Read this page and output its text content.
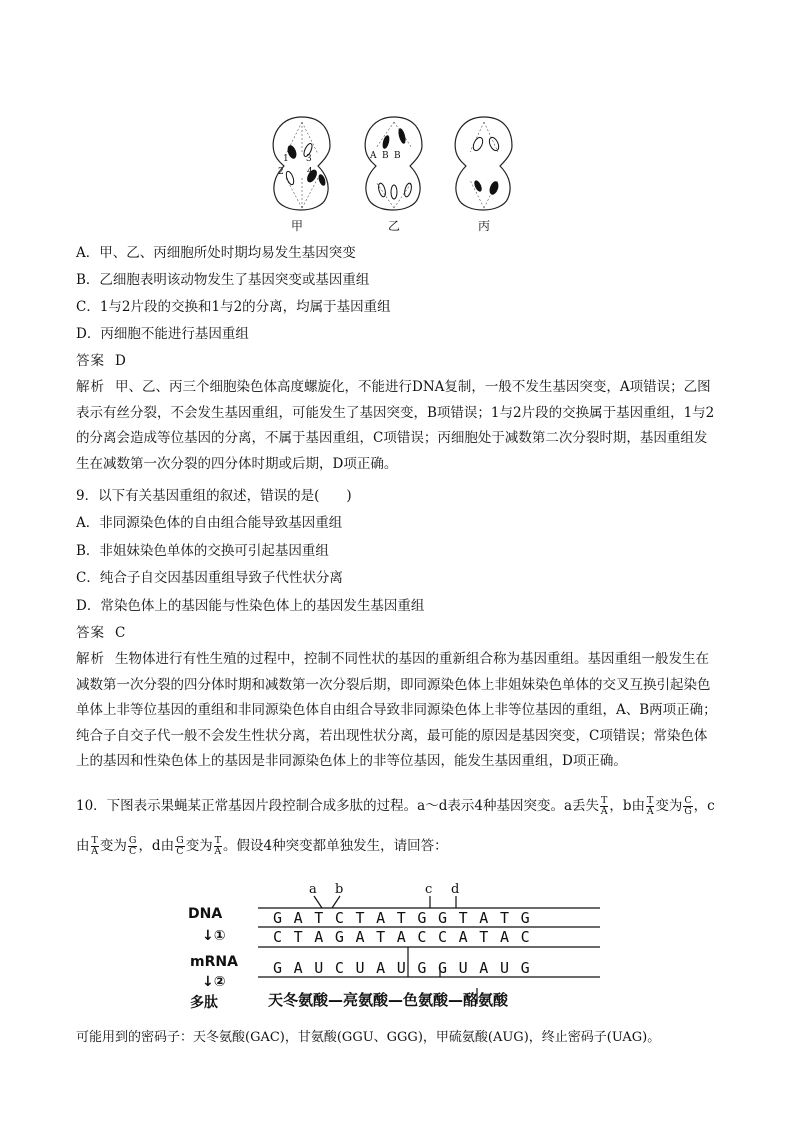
1 3
2	4
A B B
甲	乙	丙
A．甲、乙、丙细胞所处时期均易发生基因突变
B．乙细胞表明该动物发生了基因突变或基因重组
C．1与2片段的交换和1与2的分离，均属于基因重组
D．丙细胞不能进行基因重组
答案 D
解析 甲、乙、丙三个细胞染色体高度螺旋化，不能进行DNA复制，一般不发生基因突变，A项错误；乙图表示有丝分裂，不会发生基因重组，可能发生了基因突变，B项错误；1与2片段的交换属于基因重组，1与2的分离会造成等位基因的分离，不属于基因重组，C项错误；丙细胞处于减数第二次分裂时期，基因重组发生在减数第一次分裂的四分体时期或后期，D项正确。
9．以下有关基因重组的叙述，错误的是(　　)
A．非同源染色体的自由组合能导致基因重组
B．非姐妹染色单体的交换可引起基因重组
C．纯合子自交因基因重组导致子代性状分离
D．常染色体上的基因能与性染色体上的基因发生基因重组
答案 C
解析 生物体进行有性生殖的过程中，控制不同性状的基因的重新组合称为基因重组。基因重组一般发生在减数第一次分裂的四分体时期和减数第一次分裂后期，即同源染色体上非姐妹染色单体的交叉互换引起染色单体上非等位基因的重组和非同源染色体自由组合导致非同源染色体上非等位基因的重组，A、B两项正确；纯合子自交子代一般不会发生性状分离，若出现性状分离，最可能的原因是基因突变，C项错误；常染色体上的基因和性染色体上的基因是非同源染色体上的非等位基因，能发生基因重组，D项正确。
10．下图表示果蝇某正常基因片段控制合成多肽的过程。a～d表示4种基因突变。a丢失 $\frac{T}{A}$ ，b由 $\frac{T}{A}$ 变为 $\frac{C}{G}$ ，c
由 $\frac{T}{A}$ 变为 $\frac{G}{C}$ ，d由 $\frac{G}{C}$ 变为 $\frac{T}{A}$ 。假设4种突变都单独发生，请回答：
a b	c d
DNA
↓①
mRNA
↓②
多肽
GATCTATGGTATG
CTAGATACCATAC
GAUCUAUGGUAUG
天冬氨酸—亮氨酸—色氨酸—酪氨酸
可能用到的密码子：天冬氨酸(GAC)，甘氨酸(GGU、GGG)，甲硫氨酸(AUG)，终止密码子(UAG)。
